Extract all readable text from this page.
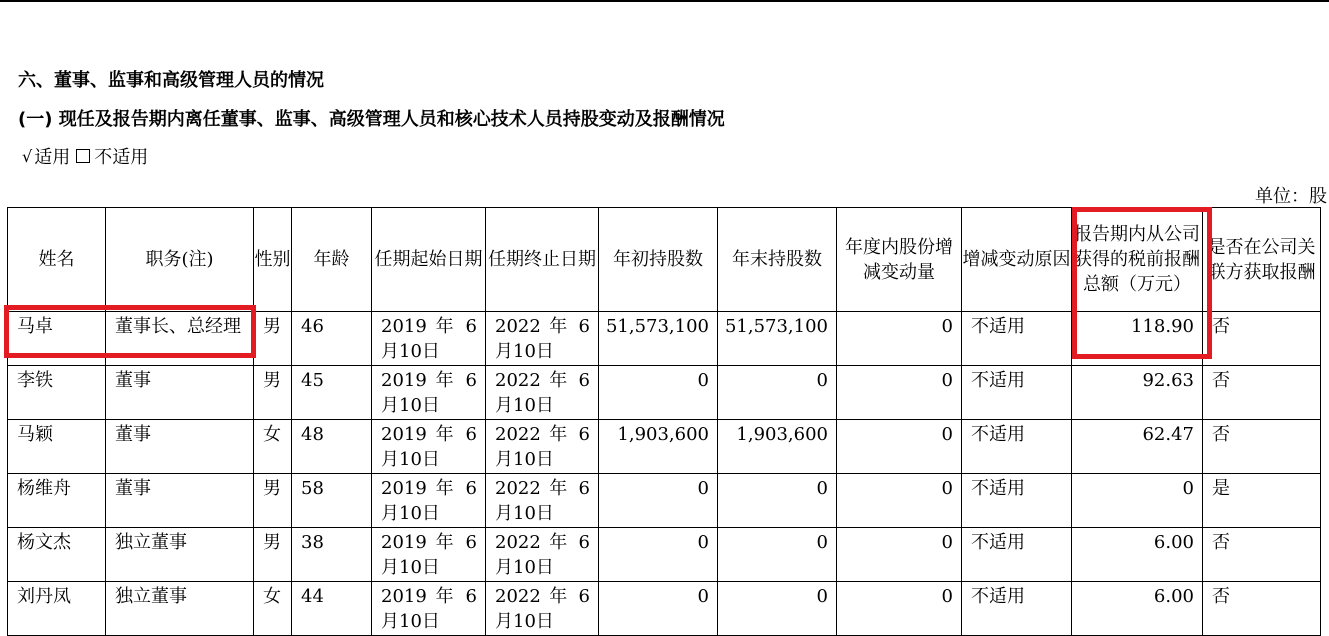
六、董事、监事和高级管理人员的情况
(一) 现任及报告期内离任董事、监事、高级管理人员和核心技术人员持股变动及报酬情况
√ 适用 不适用
单位：股
姓名	职务(注)	性别	年龄	任期起始日期	任期终止日期	年初持股数	年末持股数	年度内股份增减变动量	增减变动原因	报告期内从公司获得的税前报酬总额（万元）	是否在公司关联方获取报酬
马卓	董事长、总经理	男	46	2019 年 6 月10日	2022 年 6 月10日	51,573,100	51,573,100	0	不适用	118.90	否
李铁	董事	男	45	2019 年 6 月10日	2022 年 6 月10日	0	0	0	不适用	92.63	否
马颖	董事	女	48	2019 年 6 月10日	2022 年 6 月10日	1,903,600	1,903,600	0	不适用	62.47	否
杨维舟	董事	男	58	2019 年 6 月10日	2022 年 6 月10日	0	0	0	不适用	0	是
杨文杰	独立董事	男	38	2019 年 6 月10日	2022 年 6 月10日	0	0	0	不适用	6.00	否
刘丹凤	独立董事	女	44	2019 年 6 月10日	2022 年 6 月10日	0	0	0	不适用	6.00	否
